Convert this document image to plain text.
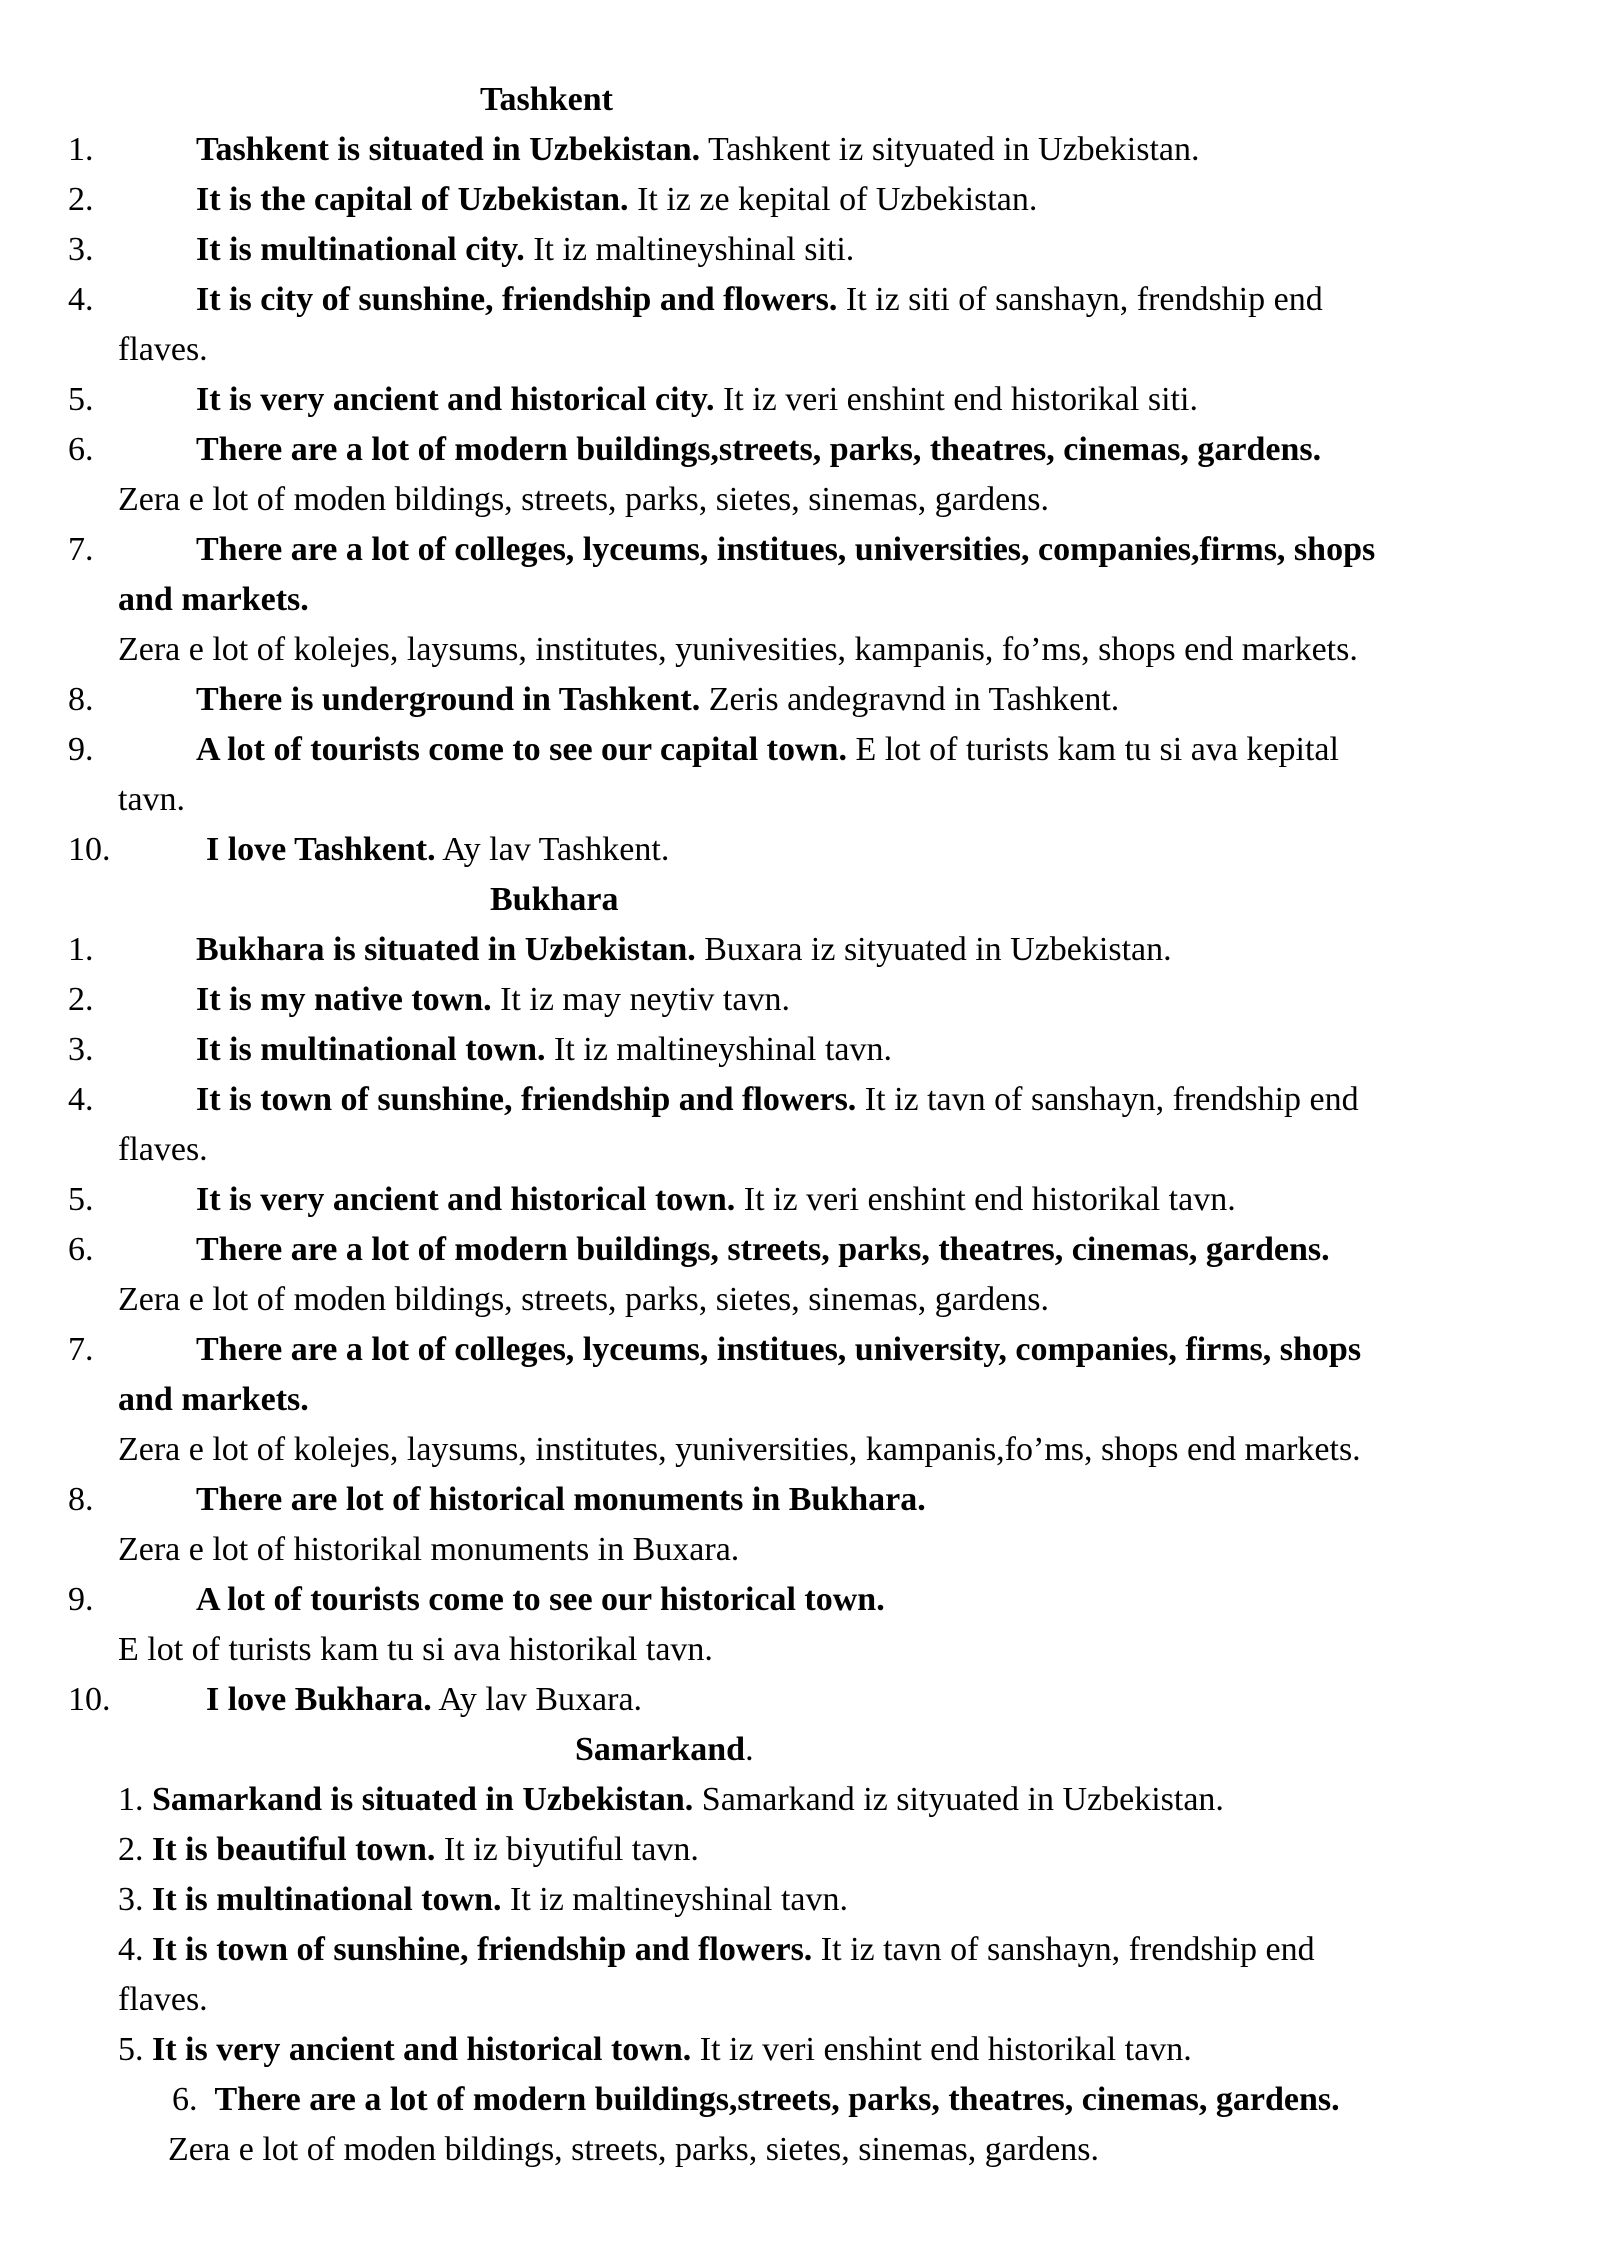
Tashkent
1.	Tashkent is situated in Uzbekistan. Tashkent iz sityuated in Uzbekistan.
2.	It is the capital of Uzbekistan. It iz ze kepital of Uzbekistan.
3.	It is multinational city. It iz maltineyshinal siti.
4.	It is city of sunshine, friendship and flowers. It iz siti of sanshayn, frendship end
flaves.
5.	It is very ancient and historical city. It iz veri enshint end historikal siti.
6.	There are a lot of modern buildings,streets, parks, theatres, cinemas, gardens.
Zera e lot of moden bildings, streets, parks, sietes, sinemas, gardens.
7.	There are a lot of colleges, lyceums, institues, universities, companies,firms, shops
and markets.
Zera e lot of kolejes, laysums, institutes, yunivesities, kampanis, fo’ms, shops end markets.
8.	There is underground in Tashkent. Zeris andegravnd in Tashkent.
9.	A lot of tourists come to see our capital town. E lot of turists kam tu si ava kepital
tavn.
10.	I love Tashkent. Ay lav Tashkent.
Bukhara
1.	Bukhara is situated in Uzbekistan. Buxara iz sityuated in Uzbekistan.
2.	It is my native town. It iz may neytiv tavn.
3.	It is multinational town. It iz maltineyshinal tavn.
4.	It is town of sunshine, friendship and flowers. It iz tavn of sanshayn, frendship end
flaves.
5.	It is very ancient and historical town. It iz veri enshint end historikal tavn.
6.	There are a lot of modern buildings, streets, parks, theatres, cinemas, gardens.
Zera e lot of moden bildings, streets, parks, sietes, sinemas, gardens.
7.	There are a lot of colleges, lyceums, institues, university, companies, firms, shops
and markets.
Zera e lot of kolejes, laysums, institutes, yuniversities, kampanis,fo’ms, shops end markets.
8.	There are lot of historical monuments in Bukhara.
Zera e lot of historikal monuments in Buxara.
9.	A lot of tourists come to see our historical town.
E lot of turists kam tu si ava historikal tavn.
10.	I love Bukhara. Ay lav Buxara.
Samarkand.
1. Samarkand is situated in Uzbekistan. Samarkand iz sityuated in Uzbekistan.
2. It is beautiful town. It iz biyutiful tavn.
3. It is multinational town. It iz maltineyshinal tavn.
4. It is town of sunshine, friendship and flowers. It iz tavn of sanshayn, frendship end
flaves.
5. It is very ancient and historical town. It iz veri enshint end historikal tavn.
6. There are a lot of modern buildings,streets, parks, theatres, cinemas, gardens.
Zera e lot of moden bildings, streets, parks, sietes, sinemas, gardens.
